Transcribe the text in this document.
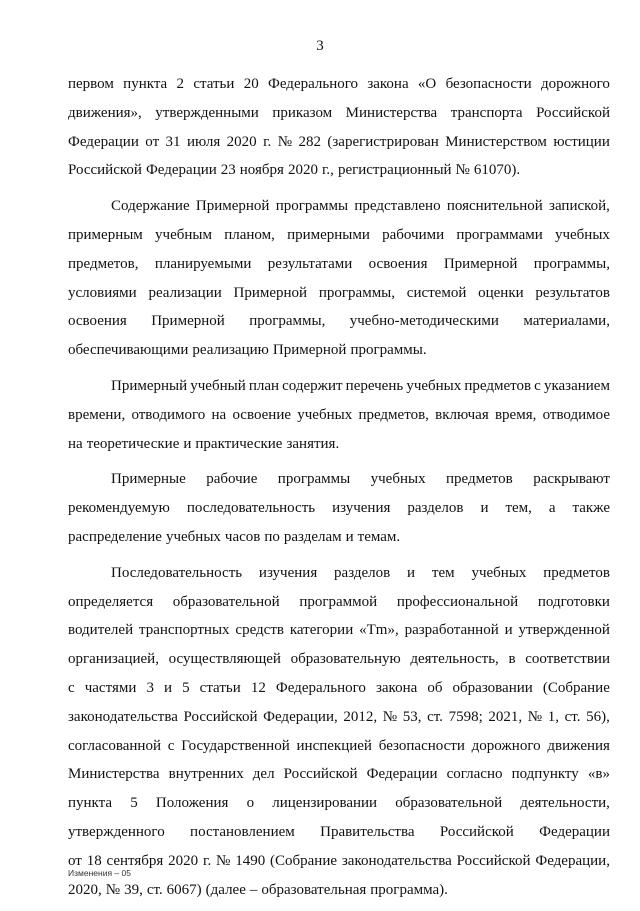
3
первом пункта 2 статьи 20 Федерального закона «О безопасности дорожного
движения», утвержденными приказом Министерства транспорта Российской
Федерации от 31 июля 2020 г. № 282 (зарегистрирован Министерством юстиции
Российской Федерации 23 ноября 2020 г., регистрационный № 61070).
Содержание Примерной программы представлено пояснительной запиской,
примерным учебным планом, примерными рабочими программами учебных
предметов, планируемыми результатами освоения Примерной программы,
условиями реализации Примерной программы, системой оценки результатов
освоения Примерной программы, учебно-методическими материалами,
обеспечивающими реализацию Примерной программы.
Примерный учебный план содержит перечень учебных предметов с указанием
времени, отводимого на освоение учебных предметов, включая время, отводимое
на теоретические и практические занятия.
Примерные рабочие программы учебных предметов раскрывают
рекомендуемую последовательность изучения разделов и тем, а также
распределение учебных часов по разделам и темам.
Последовательность изучения разделов и тем учебных предметов
определяется образовательной программой профессиональной подготовки
водителей транспортных средств категории «Tm», разработанной и утвержденной
организацией, осуществляющей образовательную деятельность, в соответствии
с частями 3 и 5 статьи 12 Федерального закона об образовании (Собрание
законодательства Российской Федерации, 2012, № 53, ст. 7598; 2021, № 1, ст. 56),
согласованной с Государственной инспекцией безопасности дорожного движения
Министерства внутренних дел Российской Федерации согласно подпункту «в»
пункта 5 Положения о лицензировании образовательной деятельности,
утвержденного постановлением Правительства Российской Федерации
от 18 сентября 2020 г. № 1490 (Собрание законодательства Российской Федерации,
2020, № 39, ст. 6067) (далее – образовательная программа).
Изменения – 05
